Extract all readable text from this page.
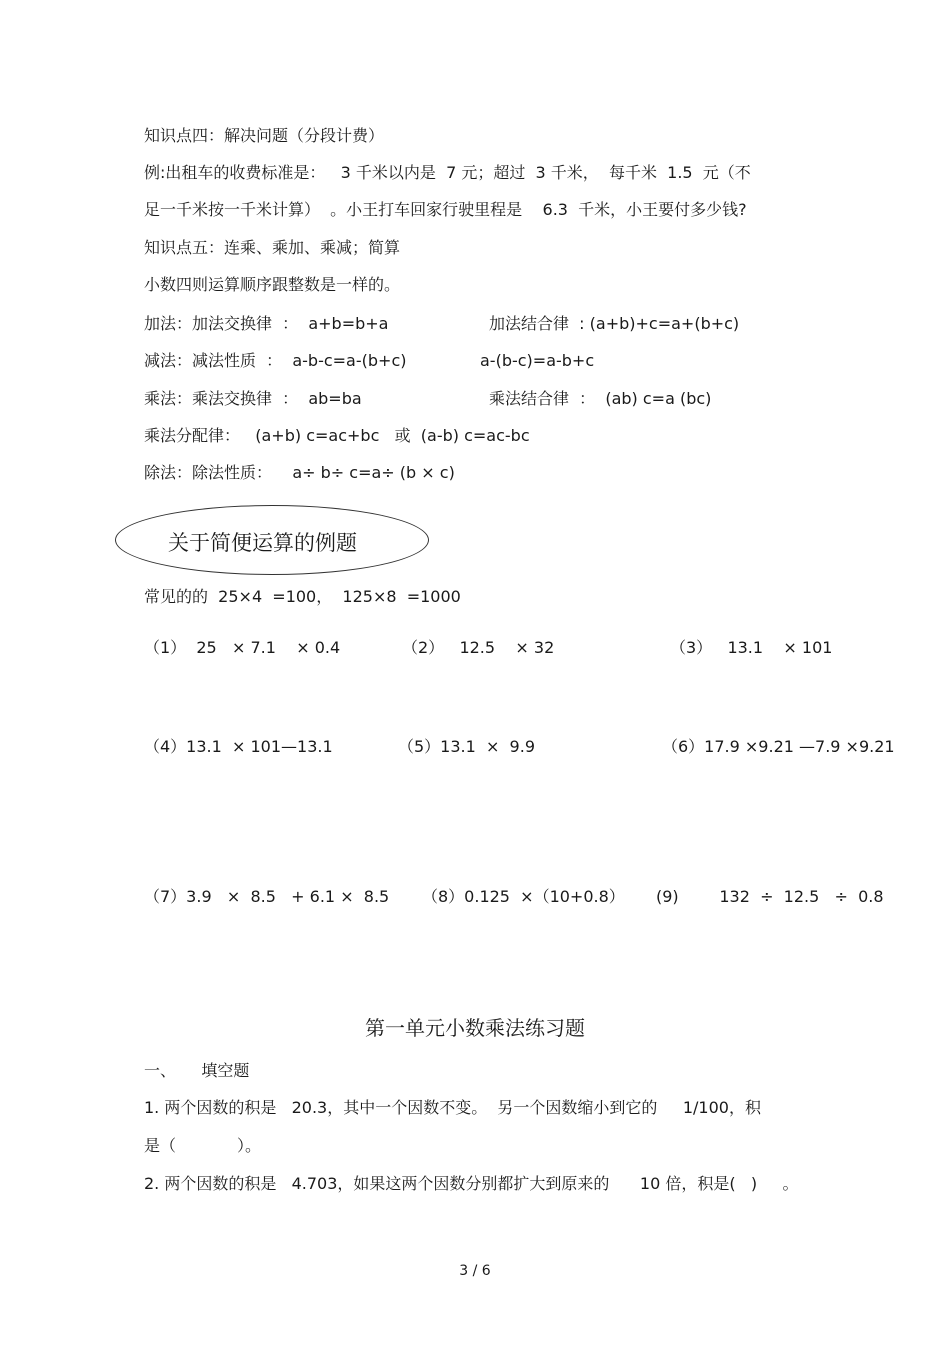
知识点四：解决问题（分段计费）
例:出租车的收费标准是：   3 千米以内是  7 元；超过  3 千米，  每千米  1.5  元（不
足一千米按一千米计算）  。小王打车回家行驶里程是    6.3  千米，小王要付多少钱?
知识点五：连乘、乘加、乘减；简算
小数四则运算顺序跟整数是一样的。
加法：加法交换律  ：  a+b=b+a	加法结合律  : (a+b)+c=a+(b+c)
减法：减法性质  ：  a-b-c=a-(b+c)	a-(b-c)=a-b+c
乘法：乘法交换律  ：  ab=ba	乘法结合律  ：  (ab) c=a (bc)
乘法分配律：   (a+b) c=ac+bc   或  (a-b) c=ac-bc
除法：除法性质：    a÷ b÷ c=a÷ (b × c)
关于简便运算的例题
常见的的  25×4  =100，  125×8  =1000
（1）  25   × 7.1    × 0.4	（2）   12.5    × 32	（3）   13.1    × 101
（4）13.1  × 101—13.1	（5）13.1  ×  9.9	（6）17.9 ×9.21 —7.9 ×9.21
（7）3.9   ×  8.5   + 6.1 ×  8.5 （8）0.125  ×（10+0.8） (9)        132  ÷  12.5   ÷  0.8
第一单元小数乘法练习题
一、     填空题
1. 两个因数的积是   20.3，其中一个因数不变。  另一个因数缩小到它的     1/100，积
是（            ）。
2. 两个因数的积是   4.703，如果这两个因数分别都扩大到原来的      10 倍，积是(   )     。
3 / 6
